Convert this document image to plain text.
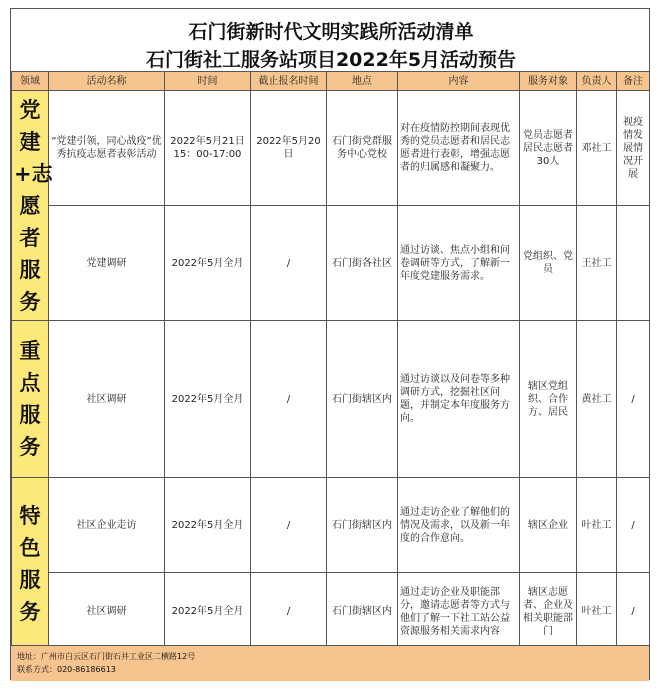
石门街新时代文明实践所活动清单
石门街社工服务站项目2022年5月活动预告
领域	活动名称	时间	截止报名时间	地点	内容	服务对象	负责人	备注
党建+志愿者服务	“党建引领，同心战疫”优秀抗疫志愿者表彰活动	2022年5月21日 15：00-17:00	2022年5月20日	石门街党群服务中心党校	对在疫情防控期间表现优秀的党员志愿者和居民志愿者进行表彰，增强志愿者的归属感和凝聚力。	党员志愿者居民志愿者30人	邓社工	视疫情发展情况开展
	党建调研	2022年5月全月	/	石门街各社区	通过访谈、焦点小组和问卷调研等方式，了解新一年度党建服务需求。	党组织、党员	王社工	
重点服务	社区调研	2022年5月全月	/	石门街辖区内	通过访谈以及问卷等多种调研方式，挖掘社区问题，并制定本年度服务方向。	辖区党组织、合作方、居民	黄社工	/
特色服务	社区企业走访	2022年5月全月	/	石门街辖区内	通过走访企业了解他们的情况及需求，以及新一年度的合作意向。	辖区企业	叶社工	/
	社区调研	2022年5月全月	/	石门街辖区内	通过走访企业及职能部分，邀请志愿者等方式与他们了解一下社工站公益资源服务相关需求内容	辖区志愿者、企业及相关职能部门	叶社工	/
地址：广州市白云区石门街石井工业区二横路12号
联系方式：020-86186613
